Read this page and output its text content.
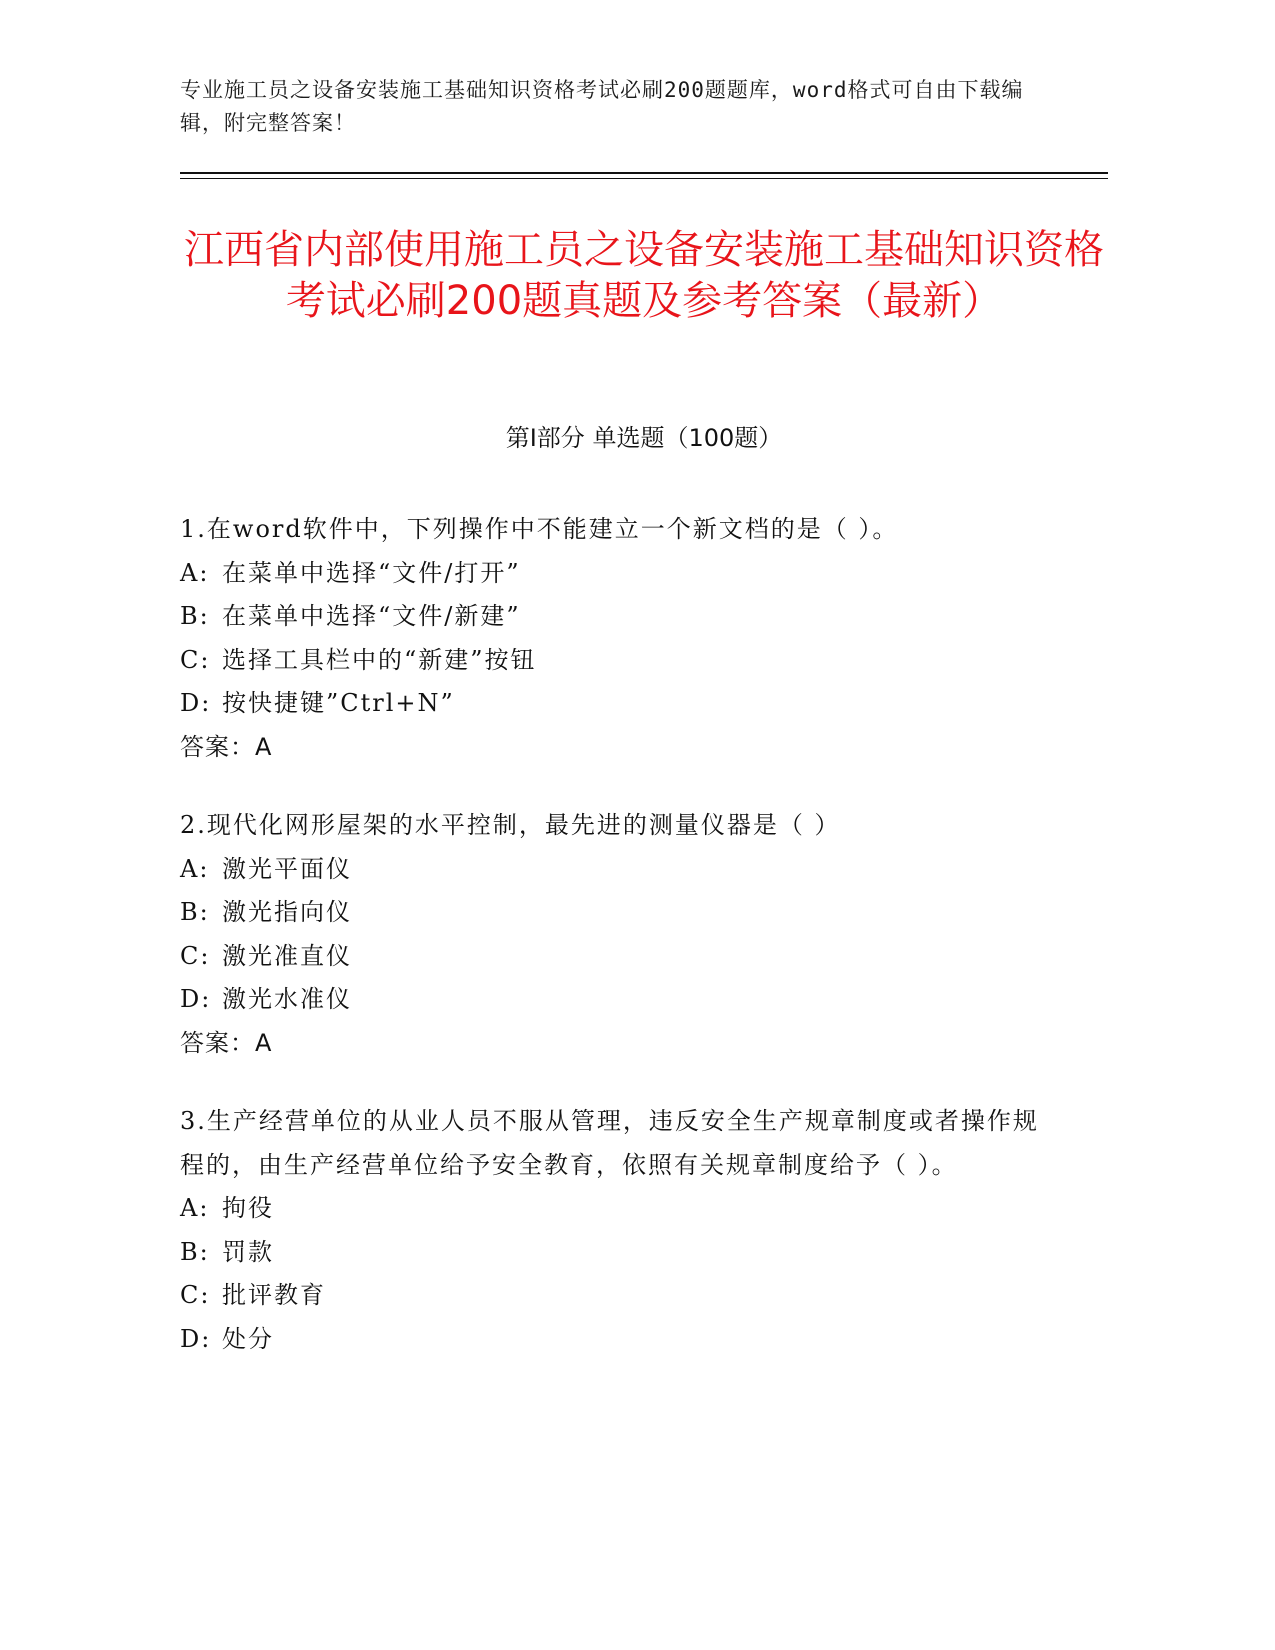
专业施工员之设备安装施工基础知识资格考试必刷200题题库，word格式可自由下载编辑，附完整答案！
江西省内部使用施工员之设备安装施工基础知识资格考试必刷200题真题及参考答案（最新）
第I部分 单选题（100题）
1.在word软件中，下列操作中不能建立一个新文档的是（ ）。
A: 在菜单中选择“文件/打开”
B: 在菜单中选择“文件/新建”
C: 选择工具栏中的“新建”按钮
D: 按快捷键”Ctrl+N”
答案：A
2.现代化网形屋架的水平控制，最先进的测量仪器是（ ）
A: 激光平面仪
B: 激光指向仪
C: 激光准直仪
D: 激光水准仪
答案：A
3.生产经营单位的从业人员不服从管理，违反安全生产规章制度或者操作规程的，由生产经营单位给予安全教育，依照有关规章制度给予（ ）。
A: 拘役
B: 罚款
C: 批评教育
D: 处分
